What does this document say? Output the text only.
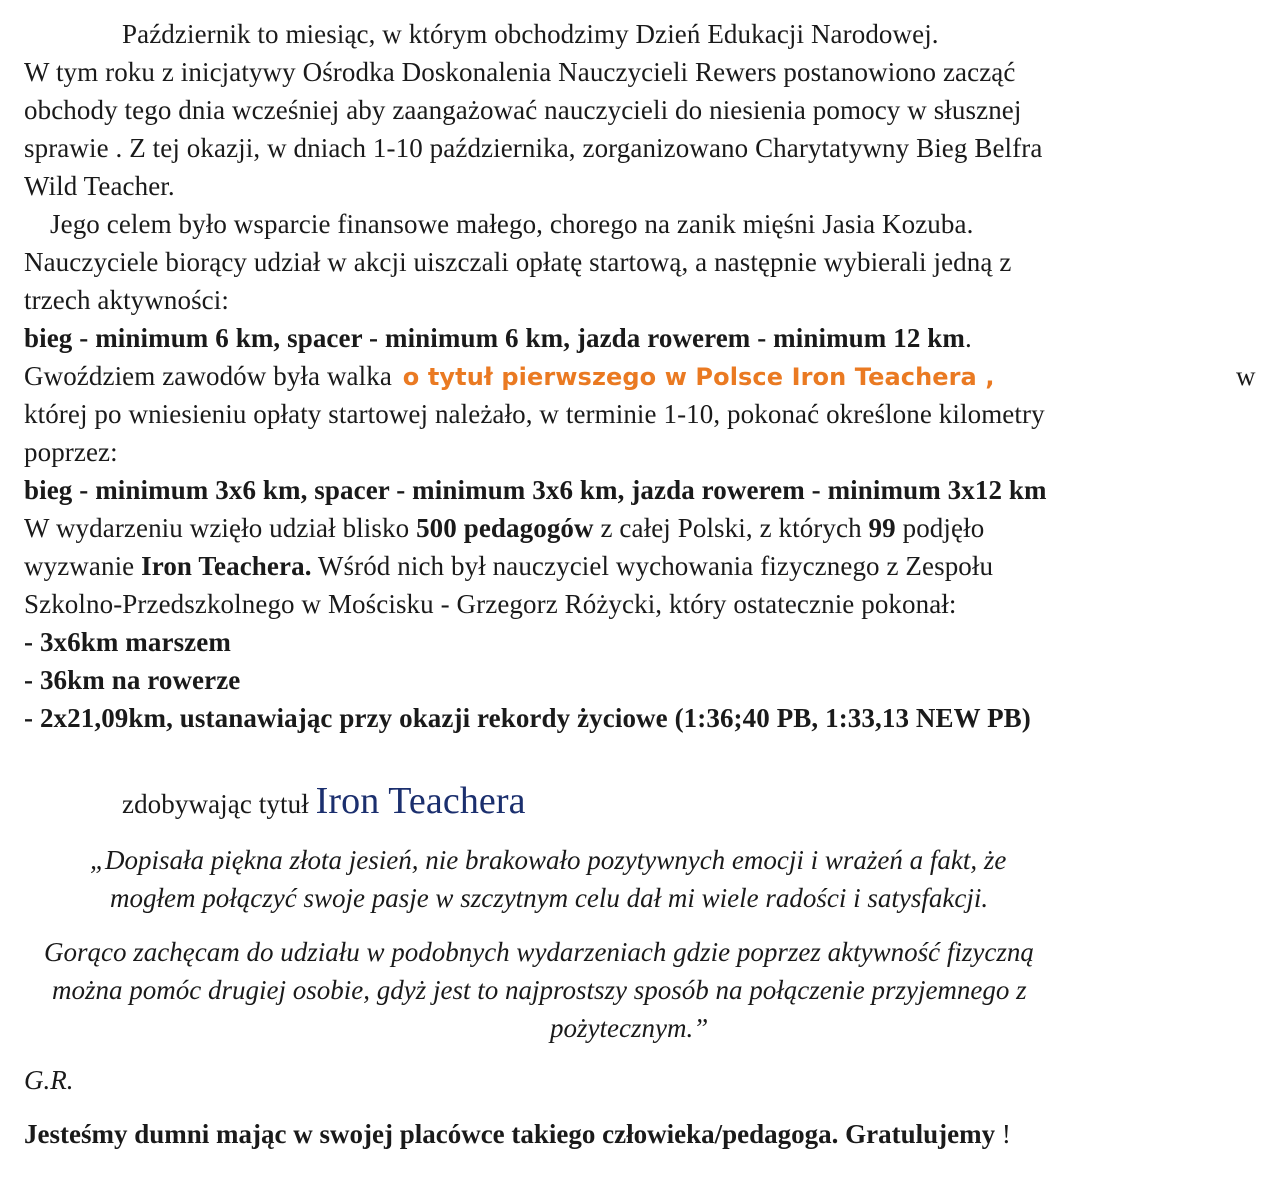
Październik to miesiąc, w którym obchodzimy Dzień Edukacji Narodowej.
W tym roku z inicjatywy Ośrodka Doskonalenia Nauczycieli Rewers postanowiono zacząć
obchody tego dnia wcześniej aby zaangażować nauczycieli do niesienia pomocy w słusznej
sprawie . Z tej okazji, w dniach 1-10 października, zorganizowano Charytatywny Bieg Belfra
Wild Teacher.
Jego celem było wsparcie finansowe małego, chorego na zanik mięśni Jasia Kozuba.
Nauczyciele biorący udział w akcji uiszczali opłatę startową, a następnie wybierali jedną z
trzech aktywności:
bieg - minimum 6 km, spacer - minimum 6 km, jazda rowerem - minimum 12 km.
Gwoździem zawodów była walka o tytuł pierwszego w Polsce Iron Teachera ,	w
której po wniesieniu opłaty startowej należało, w terminie 1-10, pokonać określone kilometry
poprzez:
bieg - minimum 3x6 km, spacer - minimum 3x6 km, jazda rowerem - minimum 3x12 km
W wydarzeniu wzięło udział blisko 500 pedagogów z całej Polski, z których 99 podjęło
wyzwanie Iron Teachera. Wśród nich był nauczyciel wychowania fizycznego z Zespołu
Szkolno-Przedszkolnego w Mościsku - Grzegorz Różycki, który ostatecznie pokonał:
- 3x6km marszem
- 36km na rowerze
- 2x21,09km, ustanawiając przy okazji rekordy życiowe (1:36;40 PB, 1:33,13 NEW PB)
zdobywając tytuł Iron Teachera
„Dopisała piękna złota jesień, nie brakowało pozytywnych emocji i wrażeń a fakt, że
mogłem połączyć swoje pasje w szczytnym celu dał mi wiele radości i satysfakcji.
Gorąco zachęcam do udziału w podobnych wydarzeniach gdzie poprzez aktywność fizyczną
można pomóc drugiej osobie, gdyż jest to najprostszy sposób na połączenie przyjemnego z
pożytecznym.”
G.R.
Jesteśmy dumni mając w swojej placówce takiego człowieka/pedagoga. Gratulujemy !
